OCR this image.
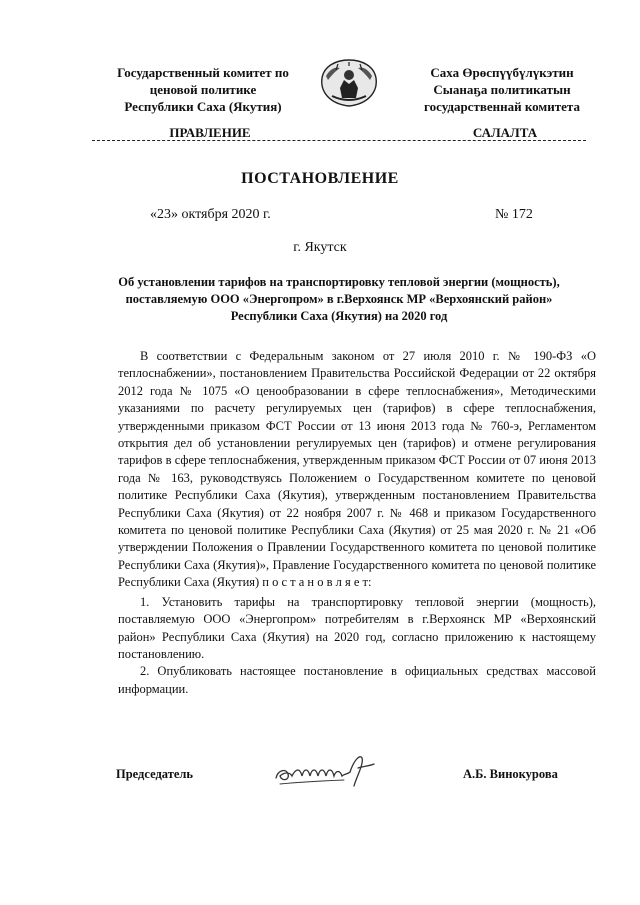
Государственный комитет по
ценовой политике
Республики Саха (Якутия)
Саха Өрөспүүбүлүкэтин
Сыанаҕа политикатын
государственнай комитета
ПРАВЛЕНИЕ	САЛАЛТА
ПОСТАНОВЛЕНИЕ
«23» октября 2020 г.	№ 172
г. Якутск
Об установлении тарифов на транспортировку тепловой энергии (мощность), поставляемую ООО «Энергопром» в г.Верхоянск МР «Верхоянский район» Республики Саха (Якутия) на 2020 год

В соответствии с Федеральным законом от 27 июля 2010 г. № 190-ФЗ «О теплоснабжении», постановлением Правительства Российской Федерации от 22 октября 2012 года № 1075 «О ценообразовании в сфере теплоснабжения», Методическими указаниями по расчету регулируемых цен (тарифов) в сфере теплоснабжения, утвержденными приказом ФСТ России от 13 июня 2013 года № 760-э, Регламентом открытия дел об установлении регулируемых цен (тарифов) и отмене регулирования тарифов в сфере теплоснабжения, утвержденным приказом ФСТ России от 07 июня 2013 года № 163, руководствуясь Положением о Государственном комитете по ценовой политике Республики Саха (Якутия), утвержденным постановлением Правительства Республики Саха (Якутия) от 22 ноября 2007 г. № 468 и приказом Государственного комитета по ценовой политике Республики Саха (Якутия) от 25 мая 2020 г. № 21 «Об утверждении Положения о Правлении Государственного комитета по ценовой политике Республики Саха (Якутия)», Правление Государственного комитета по ценовой политике Республики Саха (Якутия) п о с т а н о в л я е т:

1. Установить тарифы на транспортировку тепловой энергии (мощность), поставляемую ООО «Энергопром» потребителям в г.Верхоянск МР «Верхоянский район» Республики Саха (Якутия) на 2020 год, согласно приложению к настоящему постановлению.

2. Опубликовать настоящее постановление в официальных средствах массовой информации.

Председатель	А.Б. Винокурова
